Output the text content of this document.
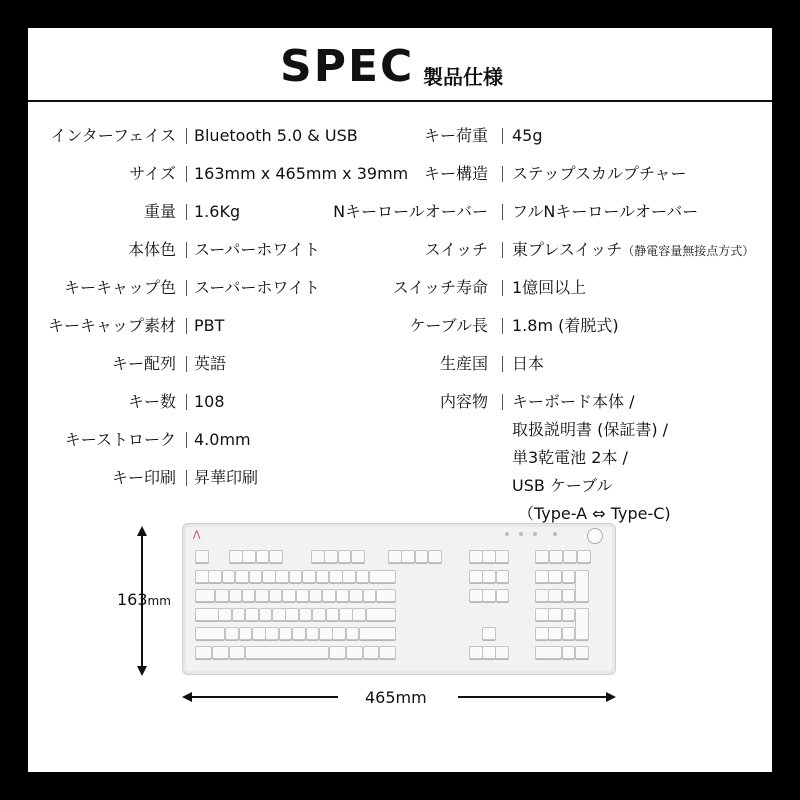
SPEC 製品仕様
インターフェイス Bluetooth 5.0 & USB
サイズ 163mm x 465mm x 39mm
重量 1.6Kg
本体色 スーパーホワイト
キーキャップ色 スーパーホワイト
キーキャップ素材 PBT
キー配列 英語
キー数 108
キーストローク 4.0mm
キー印刷 昇華印刷
キー荷重 45g
キー構造 ステップスカルプチャー
Nキーロールオーバー フルNキーロールオーバー
スイッチ 東プレスイッチ（静電容量無接点方式）
スイッチ寿命 1億回以上
ケーブル長 1.8m (着脱式)
生産国 日本
内容物 キーボード本体 /
取扱説明書 (保証書) /
単3乾電池 2本 /
USB ケーブル
（Type-A ⇔ Type-C)
⋀
163mm
465mm
